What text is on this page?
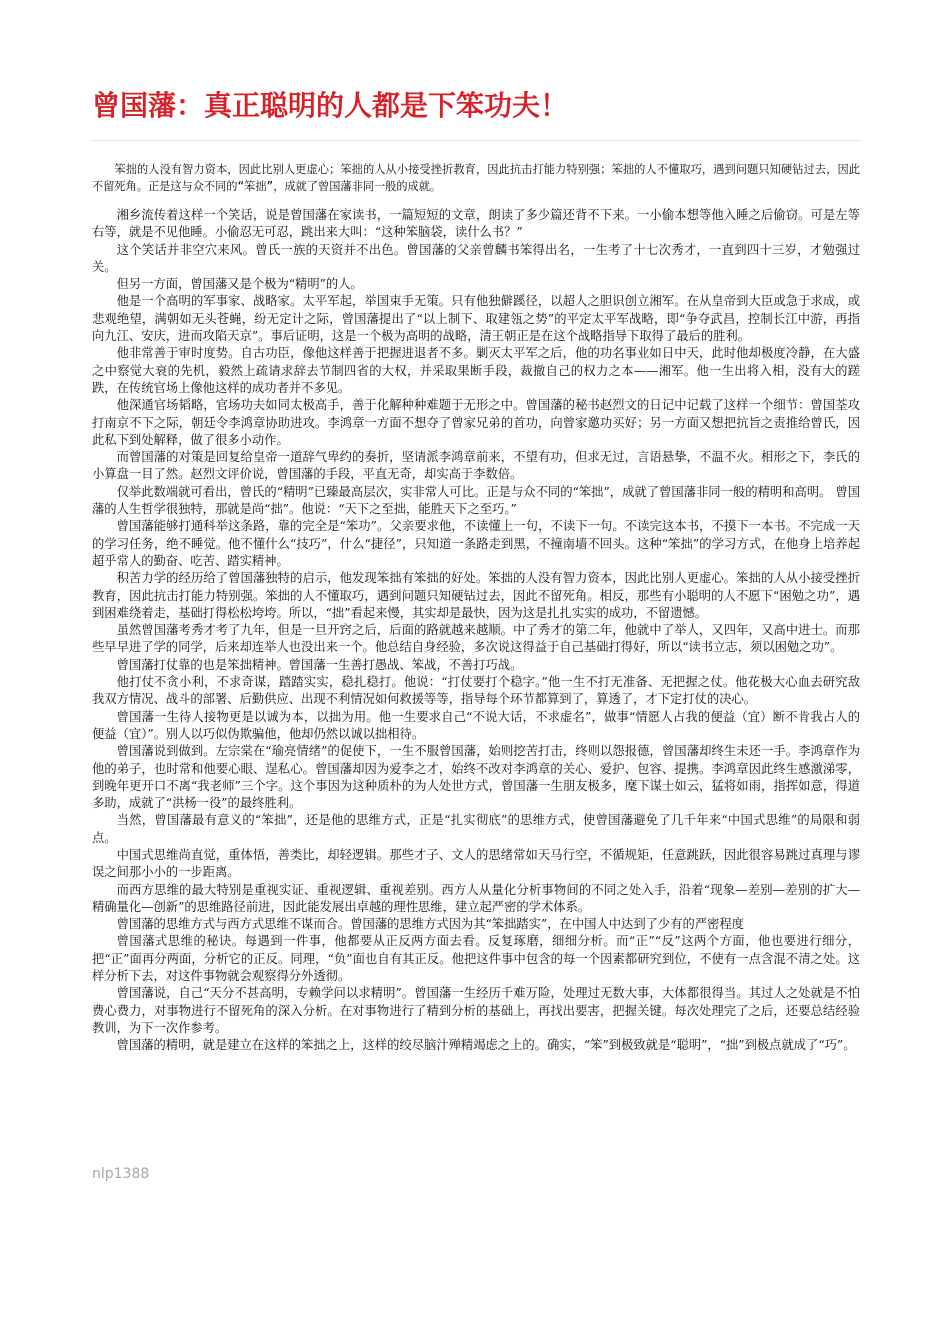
曾国藩：真正聪明的人都是下笨功夫！

笨拙的人没有智力资本，因此比别人更虚心；笨拙的人从小接受挫折教育，因此抗击打能力特别强；笨拙的人不懂取巧，遇到问题只知硬钻过去，因此不留死角。正是这与众不同的“笨拙”，成就了曾国藩非同一般的成就。

湘乡流传着这样一个笑话，说是曾国藩在家读书，一篇短短的文章，朗读了多少篇还背不下来。一小偷本想等他入睡之后偷窃。可是左等右等，就是不见他睡。小偷忍无可忍，跳出来大叫：“这种笨脑袋，读什么书？”

这个笑话并非空穴来风。曾氏一族的天资并不出色。曾国藩的父亲曾麟书笨得出名，一生考了十七次秀才，一直到四十三岁，才勉强过关。

但另一方面，曾国藩又是个极为“精明”的人。

他是一个高明的军事家、战略家。太平军起，举国束手无策。只有他独僻蹊径，以超人之胆识创立湘军。在从皇帝到大臣或急于求成，或悲观绝望，满朝如无头苍蝇，纷无定计之际，曾国藩提出了“以上制下、取建瓴之势”的平定太平军战略，即“争夺武昌，控制长江中游，再指向九江、安庆，进而攻陷天京”。事后证明，这是一个极为高明的战略，清王朝正是在这个战略指导下取得了最后的胜利。

他非常善于审时度势。自古功臣，像他这样善于把握进退者不多。剿灭太平军之后，他的功名事业如日中天，此时他却极度冷静，在大盛之中察觉大衰的先机，毅然上疏请求辞去节制四省的大权，并采取果断手段，裁撤自己的权力之本——湘军。他一生出将入相，没有大的蹉跌，在传统官场上像他这样的成功者并不多见。

他深通官场韬略，官场功夫如同太极高手，善于化解种种难题于无形之中。曾国藩的秘书赵烈文的日记中记载了这样一个细节：曾国荃攻打南京不下之际，朝廷令李鸿章协助进攻。李鸿章一方面不想夺了曾家兄弟的首功，向曾家邀功买好；另一方面又想把抗旨之责推给曾氏，因此私下到处解释，做了很多小动作。

而曾国藩的对策是回复给皇帝一道辞气卑约的奏折，坚请派李鸿章前来，不望有功，但求无过，言语悬挚，不温不火。相形之下，李氏的小算盘一目了然。赵烈文评价说，曾国藩的手段，平直无奇，却实高于李数倍。

仅举此数端就可看出，曾氏的“精明”已臻最高层次，实非常人可比。正是与众不同的“笨拙”，成就了曾国藩非同一般的精明和高明。 曾国藩的人生哲学很独特，那就是尚“拙”。他说：“天下之至拙，能胜天下之至巧。”

曾国藩能够打通科举这条路，靠的完全是“笨功”。父亲要求他，不读懂上一句，不读下一句。不读完这本书，不摸下一本书。不完成一天的学习任务，绝不睡觉。他不懂什么“技巧”，什么“捷径”，只知道一条路走到黑，不撞南墙不回头。这种“笨拙”的学习方式，在他身上培养起超乎常人的勤奋、吃苦、踏实精神。

积苦力学的经历给了曾国藩独特的启示，他发现笨拙有笨拙的好处。笨拙的人没有智力资本，因此比别人更虚心。笨拙的人从小接受挫折教育，因此抗击打能力特别强。笨拙的人不懂取巧，遇到问题只知硬钻过去，因此不留死角。相反，那些有小聪明的人不愿下“困勉之功”，遇到困难绕着走，基础打得松松垮垮。所以，“拙”看起来慢，其实却是最快，因为这是扎扎实实的成功，不留遗憾。

虽然曾国藩考秀才考了九年，但是一旦开窍之后，后面的路就越来越顺。中了秀才的第二年，他就中了举人，又四年，又高中进士。而那些早早进了学的同学，后来却连举人也没出来一个。他总结自身经验，多次说这得益于自己基础打得好，所以“读书立志，须以困勉之功”。

曾国藩打仗靠的也是笨拙精神。曾国藩一生善打愚战、笨战，不善打巧战。

他打仗不贪小利，不求奇谋，踏踏实实，稳扎稳打。他说：“打仗要打个稳字。”他一生不打无准备、无把握之仗。他花极大心血去研究敌我双方情况、战斗的部署、后勤供应、出现不利情况如何救援等等，指导每个环节都算到了，算透了，才下定打仗的决心。

曾国藩一生待人接物更是以诚为本，以拙为用。他一生要求自己“不说大话，不求虚名”，做事“情愿人占我的便益（宜）断不肯我占人的便益（宜）”。别人以巧似伪欺骗他，他却仍然以诚以拙相待。

曾国藩说到做到。左宗棠在“瑜亮情绪”的促使下，一生不服曾国藩，始则挖苦打击，终则以怨报德，曾国藩却终生未还一手。李鸿章作为他的弟子，也时常和他要心眼、逞私心。曾国藩却因为爱李之才，始终不改对李鸿章的关心、爱护、包容、提携。李鸿章因此终生感激涕零，到晚年更开口不离“我老师”三个字。这个事因为这种质朴的为人处世方式，曾国藩一生朋友极多，麾下谋士如云，猛将如雨，指挥如意，得道多助，成就了“洪杨一役”的最终胜利。

当然，曾国藩最有意义的“笨拙”，还是他的思维方式，正是“扎实彻底”的思维方式，使曾国藩避免了几千年来“中国式思维”的局限和弱点。

中国式思维尚直觉，重体悟，善类比，却轻逻辑。那些才子、文人的思绪常如天马行空，不循规矩，任意跳跃，因此很容易跳过真理与谬误之间那小小的一步距离。

而西方思维的最大特别是重视实证、重视逻辑、重视差别。西方人从量化分析事物间的不同之处入手，沿着“现象—差别—差别的扩大—精确量化—创新”的思维路径前进，因此能发展出卓越的理性思维，建立起严密的学术体系。

曾国藩的思维方式与西方式思维不谋而合。曾国藩的思维方式因为其“笨拙踏实”，在中国人中达到了少有的严密程度

曾国藩式思维的秘诀。每遇到一件事，他都要从正反两方面去看。反复琢磨，细细分析。而“正”“反”这两个方面，他也要进行细分，把“正”面再分两面，分析它的正反。同理，“负”面也自有其正反。他把这件事中包含的每一个因素都研究到位，不使有一点含混不清之处。这样分析下去，对这件事物就会观察得分外透彻。

曾国藩说，自己“天分不甚高明，专赖学问以求精明”。曾国藩一生经历千难万险，处理过无数大事，大体都很得当。其过人之处就是不怕费心费力，对事物进行不留死角的深入分析。在对事物进行了精到分析的基础上，再找出要害，把握关键。每次处理完了之后，还要总结经验教训，为下一次作参考。

曾国藩的精明，就是建立在这样的笨拙之上，这样的绞尽脑汁殚精竭虑之上的。确实，“笨”到极致就是“聪明”，“拙”到极点就成了“巧”。

nlp1388
